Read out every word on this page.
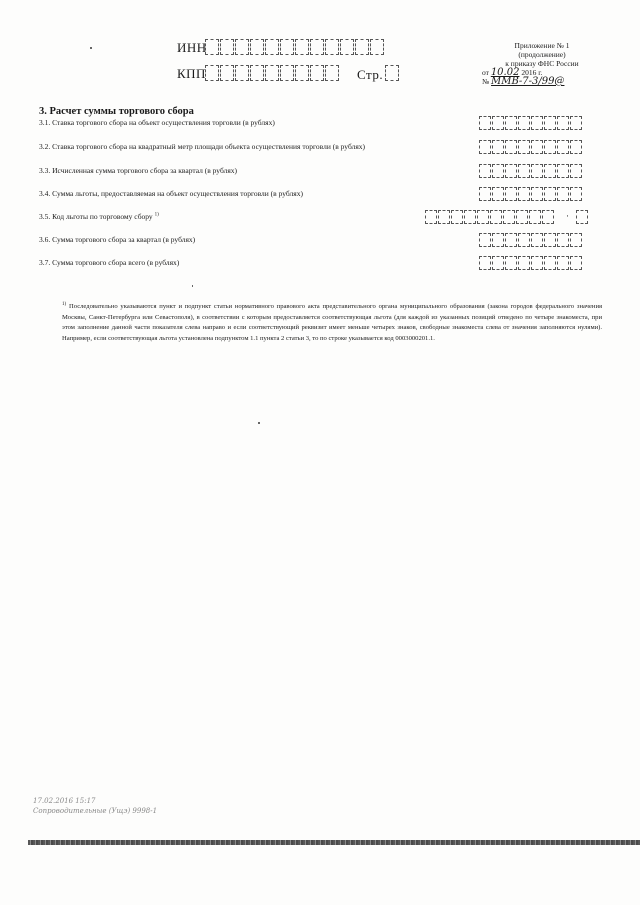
ИНН
КПП	Стр.
Приложение № 1
(продолжение)
к приказу ФНС России
от 10.02 2016 г.
№ ММВ-7-3/99@
3. Расчет суммы торгового сбора
3.1. Ставка торгового сбора на объект осуществления торговли (в рублях)
3.2. Ставка торгового сбора на квадратный метр площади объекта осуществления торговли (в рублях)
3.3. Исчисленная сумма торгового сбора за квартал (в рублях)
3.4. Сумма льготы, предоставляемая на объект осуществления торговли (в рублях)
3.5. Код льготы по торговому сбору $^{1)}$	·
3.6. Сумма торгового сбора за квартал (в рублях)
3.7. Сумма торгового сбора всего (в рублях)
$^{1)}$ Последовательно указываются пункт и подпункт статьи нормативного правового акта представительного органа муниципального образования (закона городов федерального значения Москвы, Санкт-Петербурга или Севастополя), в соответствии с которым предоставляется соответствующая льгота (для каждой из указанных позиций отведено по четыре знакоместа, при этом заполнение данной части показателя слева направо и если соответствующий реквизит имеет меньше четырех знаков, свободные знакоместа слева от значения заполняются нулями). Например, если соответствующая льгота установлена подпунктом 1.1 пункта 2 статьи 3, то по строке указывается код 0003000201.1.
17.02.2016 15:17
Сопроводительные (Ущэ) 9998-1
